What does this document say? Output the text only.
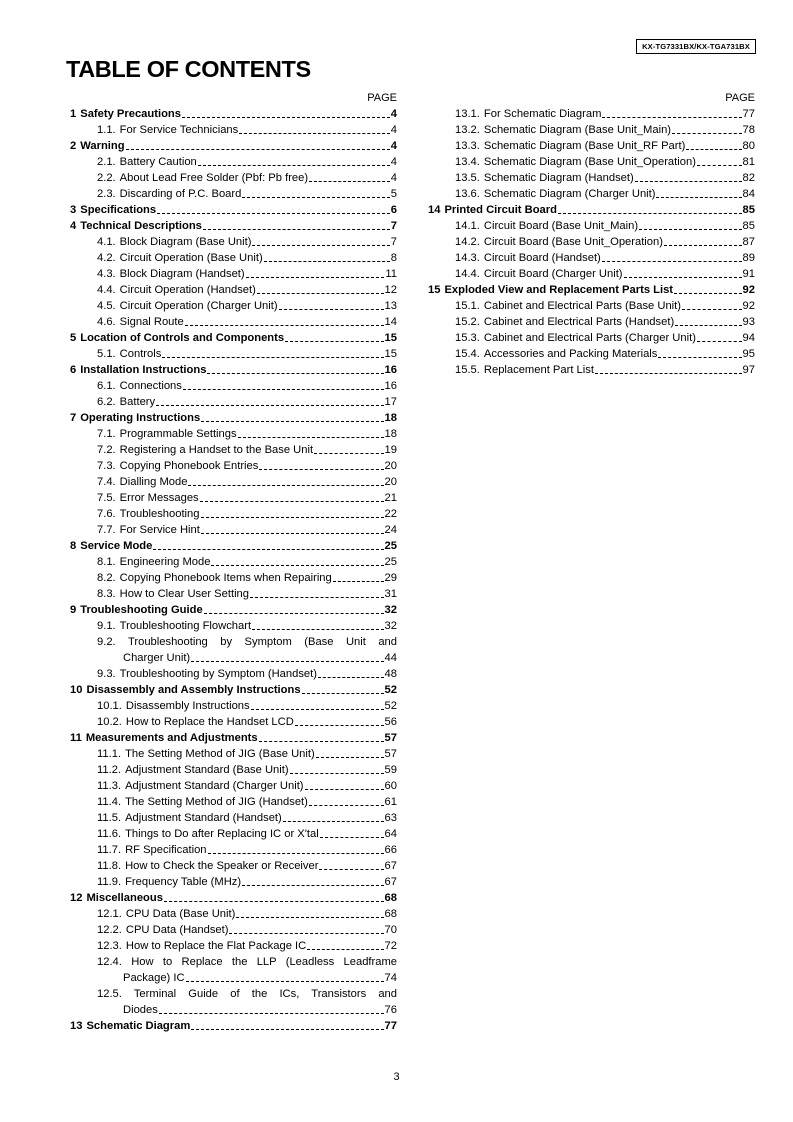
KX-TG7331BX/KX-TGA731BX
TABLE OF CONTENTS
PAGE
1 Safety Precautions	4
1.1. For Service Technicians	4
2 Warning	4
2.1. Battery Caution	4
2.2. About Lead Free Solder (Pbf: Pb free)	4
2.3. Discarding of P.C. Board	5
3 Specifications	6
4 Technical Descriptions	7
4.1. Block Diagram (Base Unit)	7
4.2. Circuit Operation (Base Unit)	8
4.3. Block Diagram (Handset)	11
4.4. Circuit Operation (Handset)	12
4.5. Circuit Operation (Charger Unit)	13
4.6. Signal Route	14
5 Location of Controls and Components	15
5.1. Controls	15
6 Installation Instructions	16
6.1. Connections	16
6.2. Battery	17
7 Operating Instructions	18
7.1. Programmable Settings	18
7.2. Registering a Handset to the Base Unit	19
7.3. Copying Phonebook Entries	20
7.4. Dialling Mode	20
7.5. Error Messages	21
7.6. Troubleshooting	22
7.7. For Service Hint	24
8 Service Mode	25
8.1. Engineering Mode	25
8.2. Copying Phonebook Items when Repairing	29
8.3. How to Clear User Setting	31
9 Troubleshooting Guide	32
9.1. Troubleshooting Flowchart	32
9.2. Troubleshooting by Symptom (Base Unit and
Charger Unit)	44
9.3. Troubleshooting by Symptom (Handset)	48
10 Disassembly and Assembly Instructions	52
10.1. Disassembly Instructions	52
10.2. How to Replace the Handset LCD	56
11 Measurements and Adjustments	57
11.1. The Setting Method of JIG (Base Unit)	57
11.2. Adjustment Standard (Base Unit)	59
11.3. Adjustment Standard (Charger Unit)	60
11.4. The Setting Method of JIG (Handset)	61
11.5. Adjustment Standard (Handset)	63
11.6. Things to Do after Replacing IC or X'tal	64
11.7. RF Specification	66
11.8. How to Check the Speaker or Receiver	67
11.9. Frequency Table (MHz)	67
12 Miscellaneous	68
12.1. CPU Data (Base Unit)	68
12.2. CPU Data (Handset)	70
12.3. How to Replace the Flat Package IC	72
12.4. How to Replace the LLP (Leadless Leadframe
Package) IC	74
12.5. Terminal Guide of the ICs, Transistors and
Diodes	76
13 Schematic Diagram	77
PAGE
13.1. For Schematic Diagram	77
13.2. Schematic Diagram (Base Unit_Main)	78
13.3. Schematic Diagram (Base Unit_RF Part)	80
13.4. Schematic Diagram (Base Unit_Operation)	81
13.5. Schematic Diagram (Handset)	82
13.6. Schematic Diagram (Charger Unit)	84
14 Printed Circuit Board	85
14.1. Circuit Board (Base Unit_Main)	85
14.2. Circuit Board (Base Unit_Operation)	87
14.3. Circuit Board (Handset)	89
14.4. Circuit Board (Charger Unit)	91
15 Exploded View and Replacement Parts List	92
15.1. Cabinet and Electrical Parts (Base Unit)	92
15.2. Cabinet and Electrical Parts (Handset)	93
15.3. Cabinet and Electrical Parts (Charger Unit)	94
15.4. Accessories and Packing Materials	95
15.5. Replacement Part List	97
3
